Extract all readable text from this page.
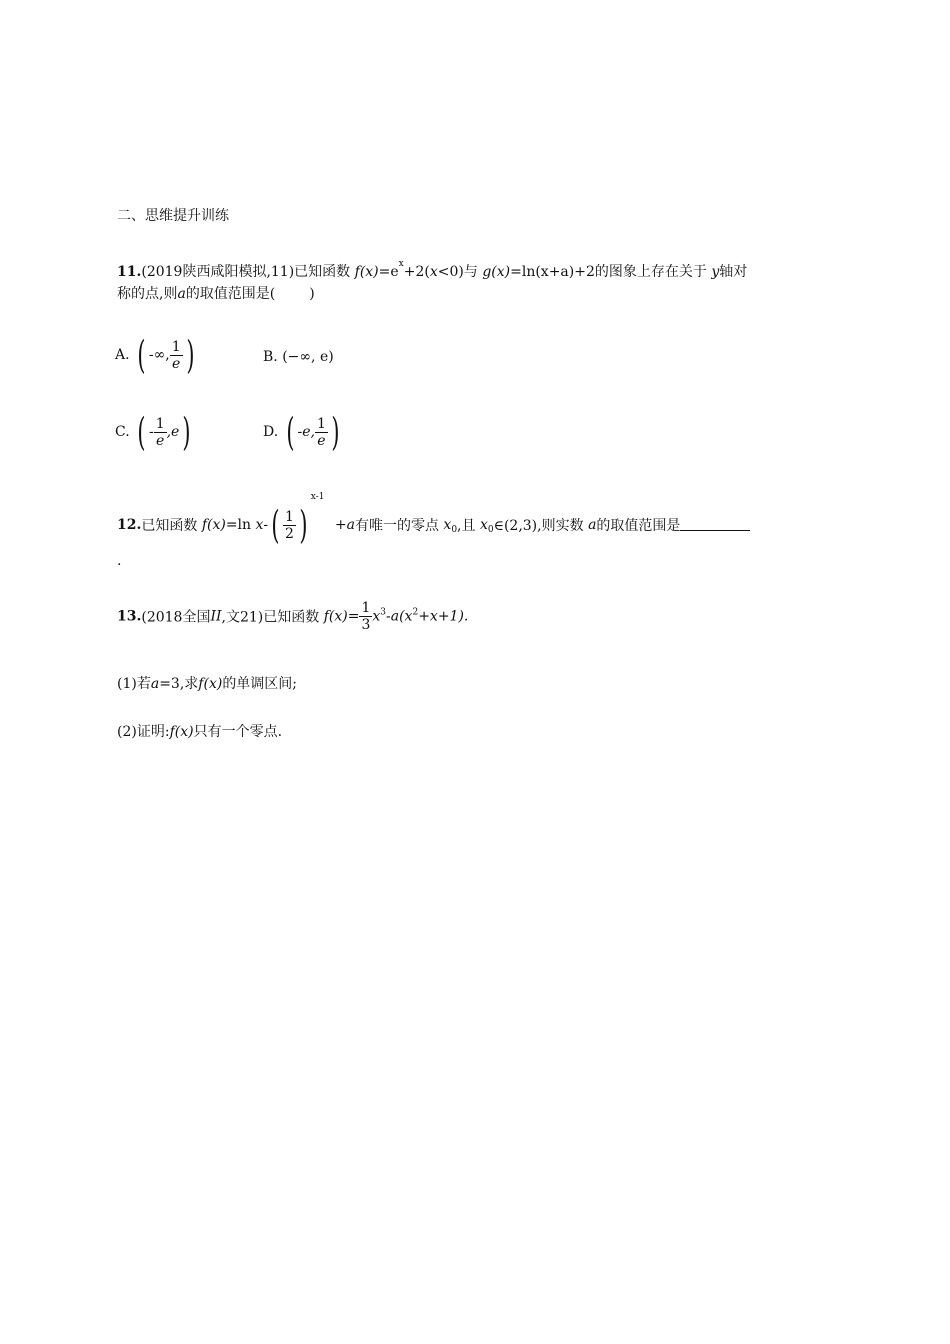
二、思维提升训练
11.(2019陕西咸阳模拟,11)已知函数 $f(x)=e^x+2(x<0)$与 g(x)=ln(x+a)+2的图象上存在关于 y轴对
称的点,则a的取值范围是( )
A. ( -∞, $\frac{1}{e}$ )	B. (−∞, e)
C. ( - $\frac{1}{e} ,e$)	D. ( -e, $\frac{1}{e}$ )
12.已知函数 f(x)=ln $x-( \frac{1}{2} )^{x-1} +a$有唯一的零点 $x_0$,且 $x_0\in(2,3)$,则实数 a的取值范围是
.
13.(2018全国II,文21)已知函数 $f(x)= \frac{1}{3} x^3-a(x^2+x+1)$.
(1)若a=3,求f(x)的单调区间;
(2)证明:f(x)只有一个零点.
